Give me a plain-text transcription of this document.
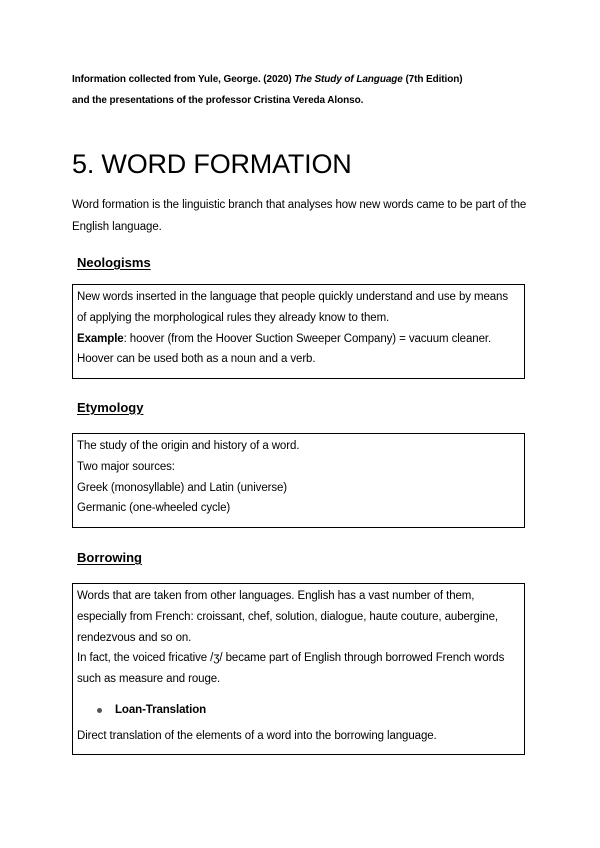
Information collected from Yule, George. (2020) The Study of Language (7th Edition)
and the presentations of the professor Cristina Vereda Alonso.
5. WORD FORMATION
Word formation is the linguistic branch that analyses how new words came to be part of the English language.
Neologisms

New words inserted in the language that people quickly understand and use by means of applying the morphological rules they already know to them.

Example: hoover (from the Hoover Suction Sweeper Company) = vacuum cleaner. Hoover can be used both as a noun and a verb.

Etymology

The study of the origin and history of a word.

Two major sources:

Greek (monosyllable) and Latin (universe)

Germanic (one-wheeled cycle)

Borrowing

Words that are taken from other languages. English has a vast number of them, especially from French: croissant, chef, solution, dialogue, haute couture, aubergine, rendezvous and so on.

In fact, the voiced fricative /ʒ/ became part of English through borrowed French words such as measure and rouge.

Loan-Translation

Direct translation of the elements of a word into the borrowing language.
